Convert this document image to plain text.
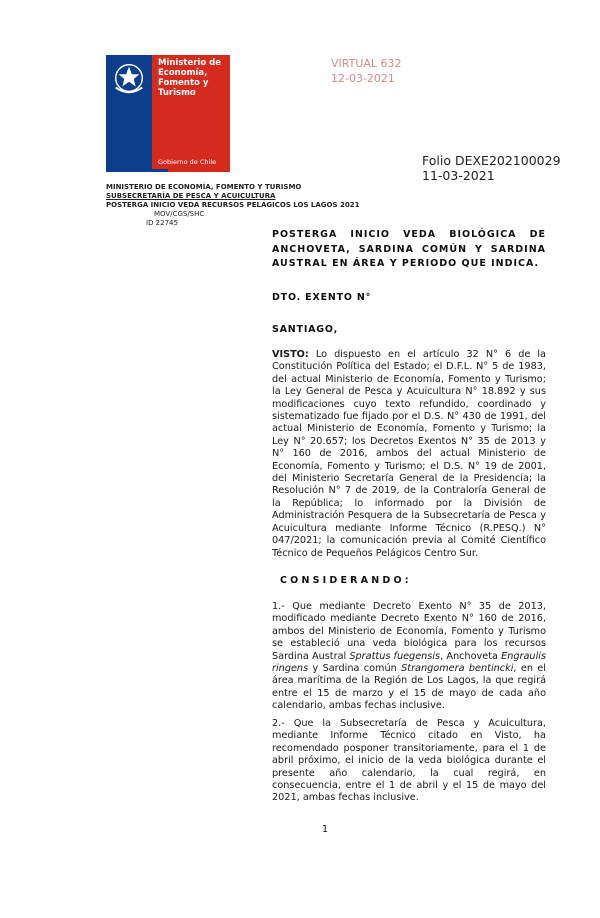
Ministerio de Economía, Fomento y Turismo
Gobierno de Chile
VIRTUAL 632
12-03-2021
Folio DEXE202100029
11-03-2021
MINISTERIO DE ECONOMÍA, FOMENTO Y TURISMO
SUBSECRETARÍA DE PESCA Y ACUICULTURA
POSTERGA INICIO VEDA RECURSOS PELÁGICOS LOS LAGOS 2021
MOV/CGS/SHC
ID 22745
POSTERGA INICIO VEDA BIOLÓGICA DE ANCHOVETA, SARDINA COMÚN Y SARDINA AUSTRAL EN ÁREA Y PERIODO QUE INDICA.
DTO. EXENTO N°
SANTIAGO,
VISTO: Lo dispuesto en el artículo 32 N° 6 de la Constitución Política del Estado; el D.F.L. N° 5 de 1983, del actual Ministerio de Economía, Fomento y Turismo; la Ley General de Pesca y Acuicultura N° 18.892 y sus modificaciones cuyo texto refundido, coordinado y sistematizado fue fijado por el D.S. N° 430 de 1991, del actual Ministerio de Economía, Fomento y Turismo; la Ley N° 20.657; los Decretos Exentos N° 35 de 2013 y N° 160 de 2016, ambos del actual Ministerio de Economía, Fomento y Turismo; el D.S. N° 19 de 2001, del Ministerio Secretaría General de la Presidencia; la Resolución N° 7 de 2019, de la Contraloría General de la República; lo informado por la División de Administración Pesquera de la Subsecretaría de Pesca y Acuicultura mediante Informe Técnico (R.PESQ.) N° 047/2021; la comunicación previa al Comité Científico Técnico de Pequeños Pelágicos Centro Sur.
CONSIDERANDO:
1.- Que mediante Decreto Exento N° 35 de 2013, modificado mediante Decreto Exento N° 160 de 2016, ambos del Ministerio de Economía, Fomento y Turismo se estableció una veda biológica para los recursos Sardina Austral Sprattus fuegensis, Anchoveta Engraulis ringens y Sardina común Strangomera bentincki, en el área marítima de la Región de Los Lagos, la que regirá entre el 15 de marzo y el 15 de mayo de cada año calendario, ambas fechas inclusive.
2.- Que la Subsecretaría de Pesca y Acuicultura, mediante Informe Técnico citado en Visto, ha recomendado posponer transitoriamente, para el 1 de abril próximo, el inicio de la veda biológica durante el presente año calendario, la cual regirá, en consecuencia, entre el 1 de abril y el 15 de mayo del 2021, ambas fechas inclusive.
1
